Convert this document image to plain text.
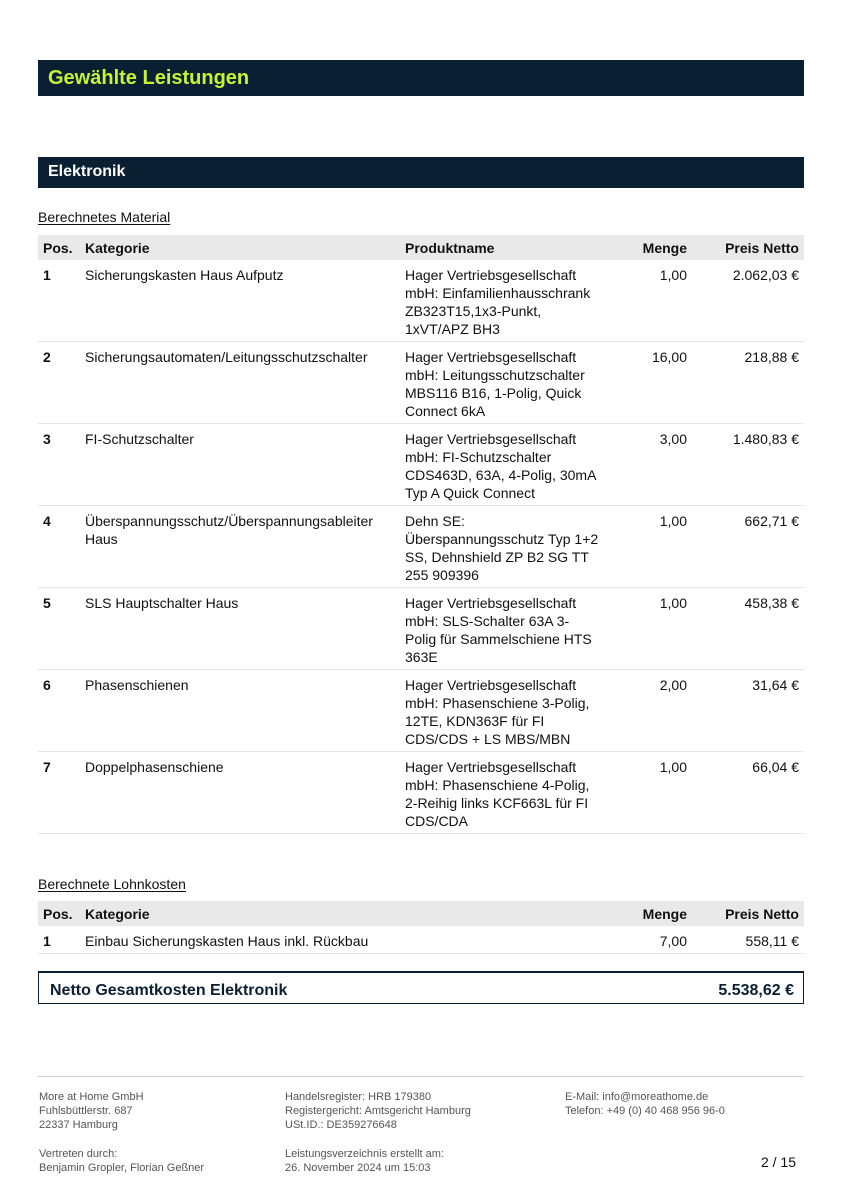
Gewählte Leistungen
Elektronik
Berechnetes Material
Pos.	Kategorie	Produktname	Menge	Preis Netto
1	Sicherungskasten Haus Aufputz	Hager Vertriebsgesellschaft mbH: Einfamilienhausschrank ZB323T15,1x3-Punkt, 1xVT/APZ BH3	1,00	2.062,03 €
2	Sicherungsautomaten/Leitungsschutzschalter	Hager Vertriebsgesellschaft mbH: Leitungsschutzschalter MBS116 B16, 1-Polig, Quick Connect 6kA	16,00	218,88 €
3	FI-Schutzschalter	Hager Vertriebsgesellschaft mbH: FI-Schutzschalter CDS463D, 63A, 4-Polig, 30mA Typ A Quick Connect	3,00	1.480,83 €
4	Überspannungsschutz/Überspannungsableiter Haus	Dehn SE: Überspannungsschutz Typ 1+2 SS, Dehnshield ZP B2 SG TT 255 909396	1,00	662,71 €
5	SLS Hauptschalter Haus	Hager Vertriebsgesellschaft mbH: SLS-Schalter 63A 3-Polig für Sammelschiene HTS 363E	1,00	458,38 €
6	Phasenschienen	Hager Vertriebsgesellschaft mbH: Phasenschiene 3-Polig, 12TE, KDN363F für FI CDS/CDS + LS MBS/MBN	2,00	31,64 €
7	Doppelphasenschiene	Hager Vertriebsgesellschaft mbH: Phasenschiene 4-Polig, 2-Reihig links KCF663L für FI CDS/CDA	1,00	66,04 €
Berechnete Lohnkosten
Pos.	Kategorie	Menge	Preis Netto
1	Einbau Sicherungskasten Haus inkl. Rückbau	7,00	558,11 €
Netto Gesamtkosten Elektronik	5.538,62 €
More at Home GmbH
Fuhlsbüttlerstr. 687
22337 Hamburg
Vertreten durch:
Benjamin Gropler, Florian Geßner
Handelsregister: HRB 179380
Registergericht: Amtsgericht Hamburg
USt.ID.: DE359276648
Leistungsverzeichnis erstellt am:
26. November 2024 um 15:03
E-Mail: info@moreathome.de
Telefon: +49 (0) 40 468 956 96-0
2 / 15
